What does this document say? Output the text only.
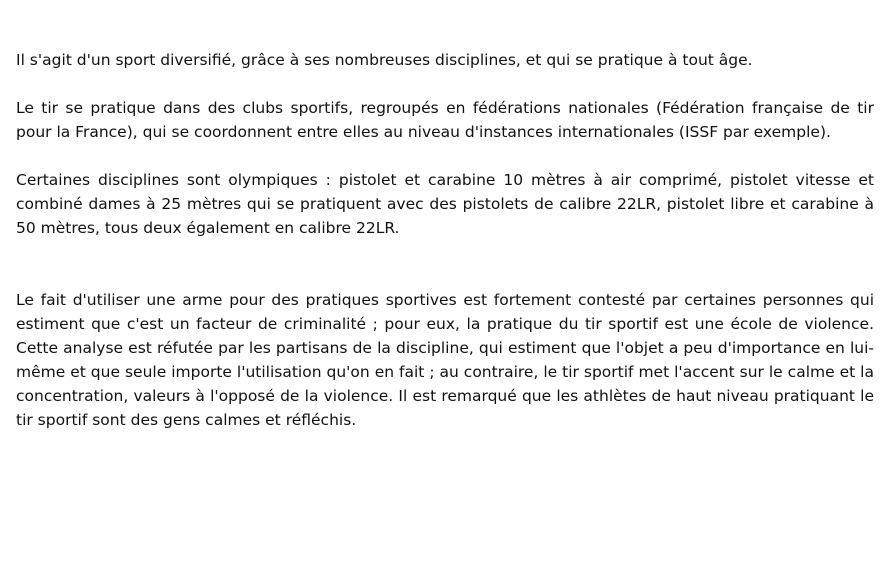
Il s'agit d'un sport diversifié, grâce à ses nombreuses disciplines, et qui se pratique à tout âge.

Le tir se pratique dans des clubs sportifs, regroupés en fédérations nationales (Fédération française de tir pour la France), qui se coordonnent entre elles au niveau d'instances internationales (ISSF par exemple).

Certaines disciplines sont olympiques : pistolet et carabine 10 mètres à air comprimé, pistolet vitesse et combiné dames à 25 mètres qui se pratiquent avec des pistolets de calibre 22LR, pistolet libre et carabine à 50 mètres, tous deux également en calibre 22LR.

Le fait d'utiliser une arme pour des pratiques sportives est fortement contesté par certaines personnes qui estiment que c'est un facteur de criminalité ; pour eux, la pratique du tir sportif est une école de violence. Cette analyse est réfutée par les partisans de la discipline, qui estiment que l'objet a peu d'importance en lui-même et que seule importe l'utilisation qu'on en fait ; au contraire, le tir sportif met l'accent sur le calme et la concentration, valeurs à l'opposé de la violence. Il est remarqué que les athlètes de haut niveau pratiquant le tir sportif sont des gens calmes et réfléchis.
